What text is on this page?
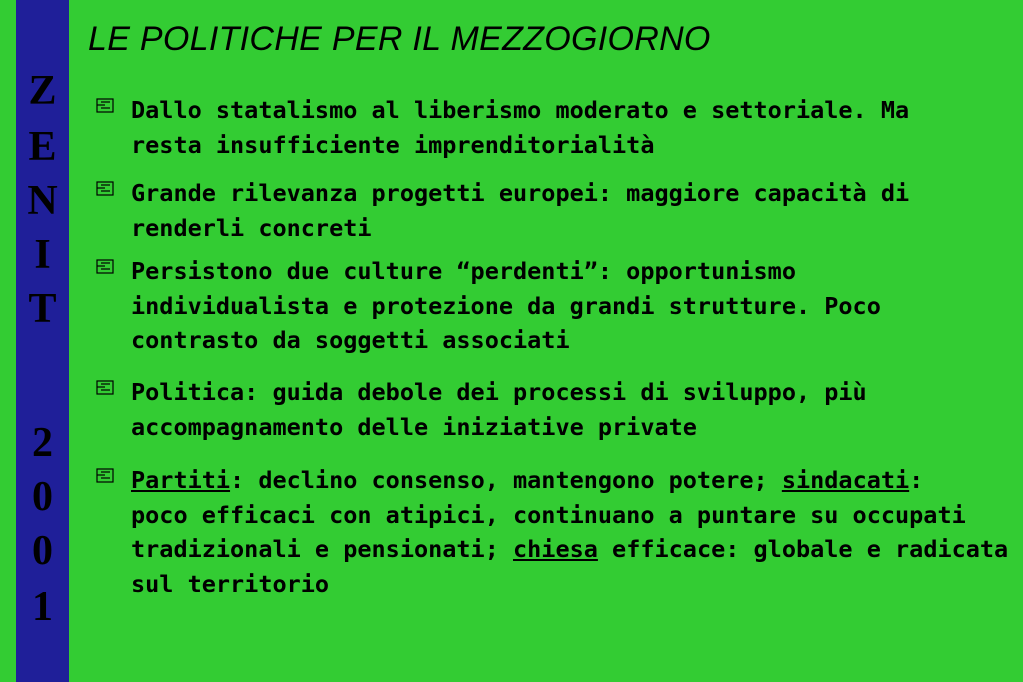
Z
E
N
I
T
2
0
0
1
LE POLITICHE PER IL MEZZOGIORNO
Dallo statalismo al liberismo moderato e settoriale. Ma
resta insufficiente imprenditorialità
Grande rilevanza progetti europei: maggiore capacità di
renderli concreti
Persistono due culture “perdenti”: opportunismo
individualista e protezione da grandi strutture. Poco
contrasto da soggetti associati
Politica: guida debole dei processi di sviluppo, più
accompagnamento delle iniziative private
Partiti: declino consenso, mantengono potere; sindacati:
poco efficaci con atipici, continuano a puntare su occupati
tradizionali e pensionati; chiesa efficace: globale e radicata
sul territorio
